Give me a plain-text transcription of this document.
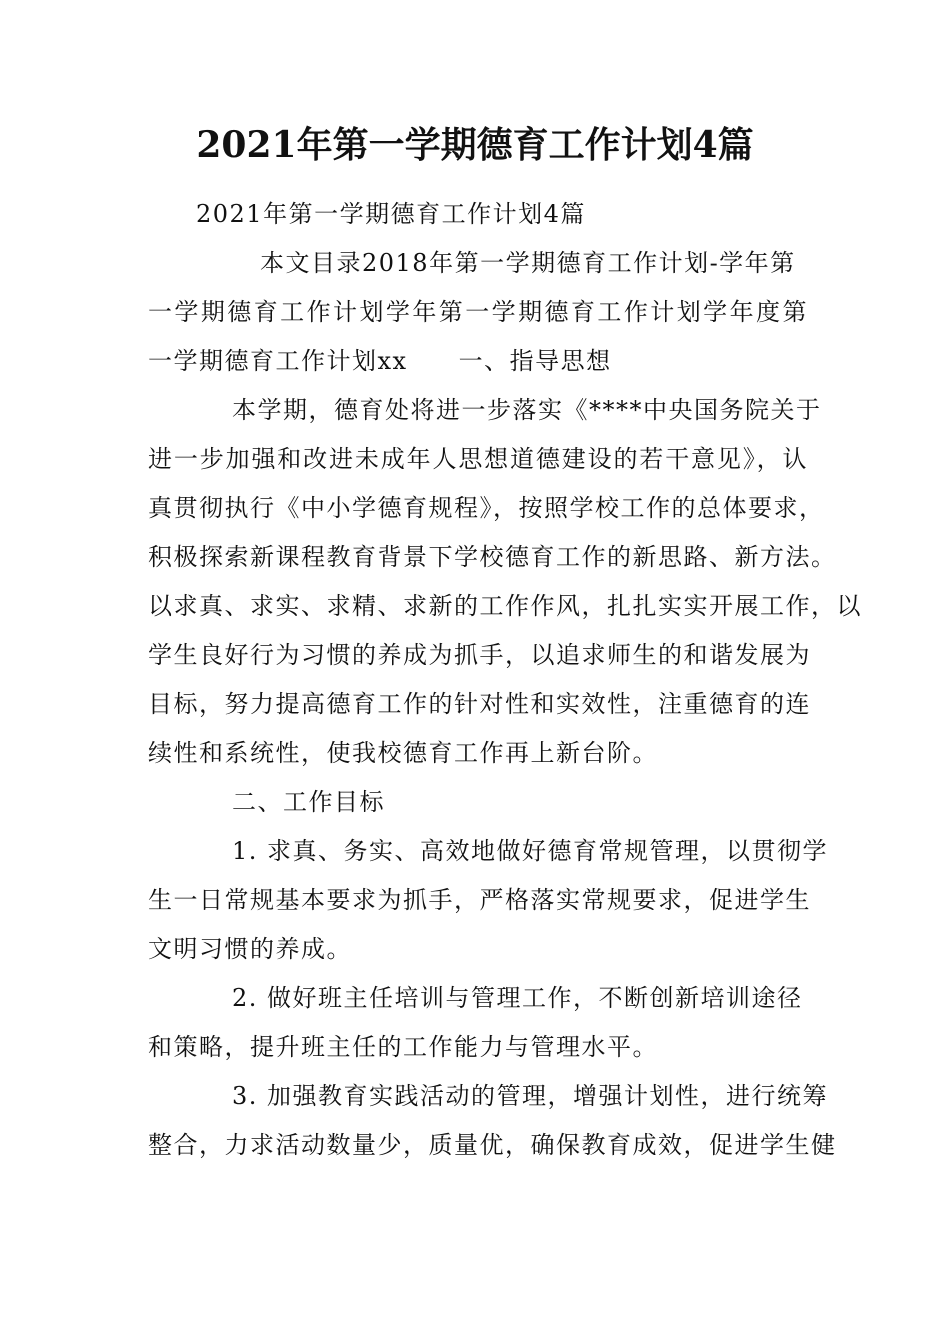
2021年第一学期德育工作计划4篇
2021年第一学期德育工作计划4篇
本文目录2018年第一学期德育工作计划-学年第
一学期德育工作计划学年第一学期德育工作计划学年度第
一学期德育工作计划xx　　一、指导思想
本学期，德育处将进一步落实《****中央国务院关于
进一步加强和改进未成年人思想道德建设的若干意见》，认
真贯彻执行《中小学德育规程》，按照学校工作的总体要求，
积极探索新课程教育背景下学校德育工作的新思路、新方法。
以求真、求实、求精、求新的工作作风，扎扎实实开展工作，以
学生良好行为习惯的养成为抓手，以追求师生的和谐发展为
目标，努力提高德育工作的针对性和实效性，注重德育的连
续性和系统性，使我校德育工作再上新台阶。
二、工作目标
1. 求真、务实、高效地做好德育常规管理，以贯彻学
生一日常规基本要求为抓手，严格落实常规要求，促进学生
文明习惯的养成。
2. 做好班主任培训与管理工作，不断创新培训途径
和策略，提升班主任的工作能力与管理水平。
3. 加强教育实践活动的管理，增强计划性，进行统筹
整合，力求活动数量少，质量优，确保教育成效，促进学生健
